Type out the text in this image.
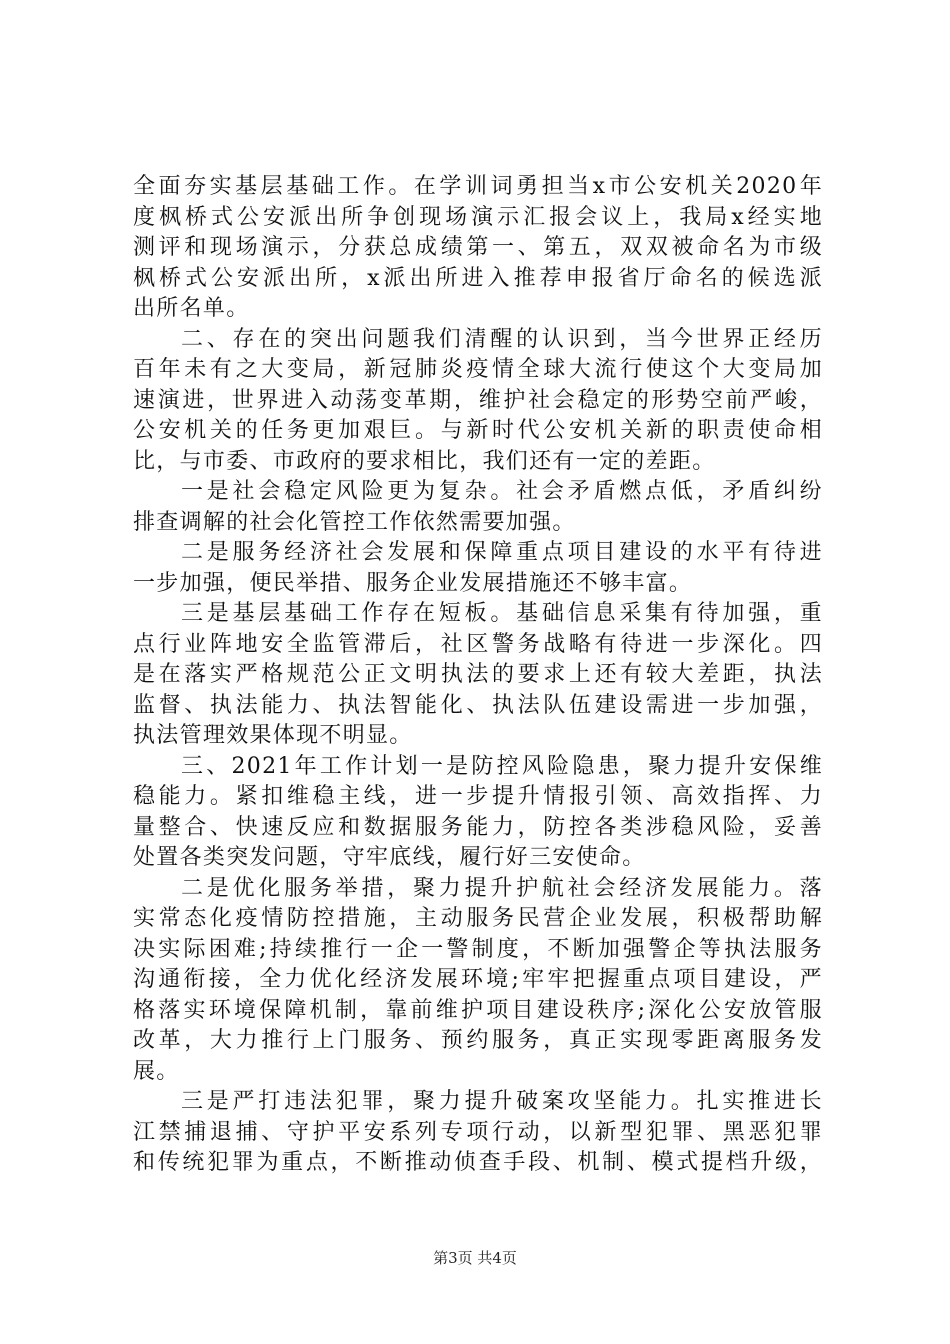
全面夯实基层基础工作。在学训词勇担当x市公安机关2020年
度枫桥式公安派出所争创现场演示汇报会议上，我局x经实地
测评和现场演示，分获总成绩第一、第五，双双被命名为市级
枫桥式公安派出所，x派出所进入推荐申报省厅命名的候选派
出所名单。
二、存在的突出问题我们清醒的认识到，当今世界正经历
百年未有之大变局，新冠肺炎疫情全球大流行使这个大变局加
速演进，世界进入动荡变革期，维护社会稳定的形势空前严峻，
公安机关的任务更加艰巨。与新时代公安机关新的职责使命相
比，与市委、市政府的要求相比，我们还有一定的差距。
一是社会稳定风险更为复杂。社会矛盾燃点低，矛盾纠纷
排查调解的社会化管控工作依然需要加强。
二是服务经济社会发展和保障重点项目建设的水平有待进
一步加强，便民举措、服务企业发展措施还不够丰富。
三是基层基础工作存在短板。基础信息采集有待加强，重
点行业阵地安全监管滞后，社区警务战略有待进一步深化。四
是在落实严格规范公正文明执法的要求上还有较大差距，执法
监督、执法能力、执法智能化、执法队伍建设需进一步加强，
执法管理效果体现不明显。
三、2021年工作计划一是防控风险隐患，聚力提升安保维
稳能力。紧扣维稳主线，进一步提升情报引领、高效指挥、力
量整合、快速反应和数据服务能力，防控各类涉稳风险，妥善
处置各类突发问题，守牢底线，履行好三安使命。
二是优化服务举措，聚力提升护航社会经济发展能力。落
实常态化疫情防控措施，主动服务民营企业发展，积极帮助解
决实际困难;持续推行一企一警制度，不断加强警企等执法服务
沟通衔接，全力优化经济发展环境;牢牢把握重点项目建设，严
格落实环境保障机制，靠前维护项目建设秩序;深化公安放管服
改革，大力推行上门服务、预约服务，真正实现零距离服务发
展。
三是严打违法犯罪，聚力提升破案攻坚能力。扎实推进长
江禁捕退捕、守护平安系列专项行动，以新型犯罪、黑恶犯罪
和传统犯罪为重点，不断推动侦查手段、机制、模式提档升级，
第3页 共4页
